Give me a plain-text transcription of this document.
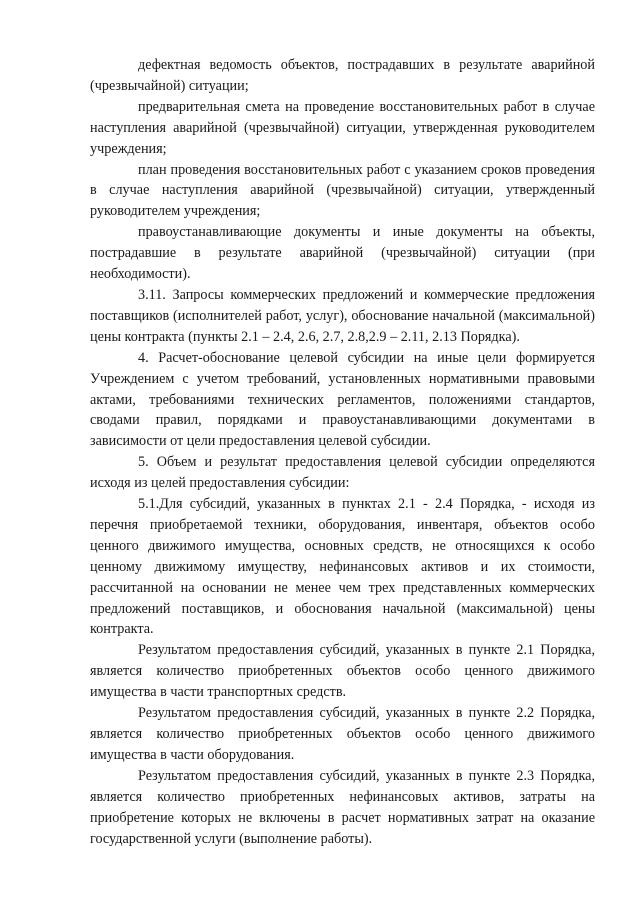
дефектная ведомость объектов, пострадавших в результате аварийной (чрезвычайной) ситуации;

предварительная смета на проведение восстановительных работ в случае наступления аварийной (чрезвычайной) ситуации, утвержденная руководителем учреждения;

план проведения восстановительных работ с указанием сроков проведения в случае наступления аварийной (чрезвычайной) ситуации, утвержденный руководителем учреждения;

правоустанавливающие документы и иные документы на объекты, пострадавшие в результате аварийной (чрезвычайной) ситуации (при необходимости).

3.11. Запросы коммерческих предложений и коммерческие предложения поставщиков (исполнителей работ, услуг), обоснование начальной (максимальной) цены контракта (пункты 2.1 – 2.4, 2.6, 2.7, 2.8,2.9 – 2.11, 2.13 Порядка).

4. Расчет-обоснование целевой субсидии на иные цели формируется Учреждением с учетом требований, установленных нормативными правовыми актами, требованиями технических регламентов, положениями стандартов, сводами правил, порядками и правоустанавливающими документами в зависимости от цели предоставления целевой субсидии.

5. Объем и результат предоставления целевой субсидии определяются исходя из целей предоставления субсидии:

5.1.Для субсидий, указанных в пунктах 2.1 - 2.4 Порядка, - исходя из перечня приобретаемой техники, оборудования, инвентаря, объектов особо ценного движимого имущества, основных средств, не относящихся к особо ценному движимому имуществу, нефинансовых активов и их стоимости, рассчитанной на основании не менее чем трех представленных коммерческих предложений поставщиков, и обоснования начальной (максимальной) цены контракта.

Результатом предоставления субсидий, указанных в пункте 2.1 Порядка, является количество приобретенных объектов особо ценного движимого имущества в части транспортных средств.

Результатом предоставления субсидий, указанных в пункте 2.2 Порядка, является количество приобретенных объектов особо ценного движимого имущества в части оборудования.

Результатом предоставления субсидий, указанных в пункте 2.3 Порядка, является количество приобретенных нефинансовых активов, затраты на приобретение которых не включены в расчет нормативных затрат на оказание государственной услуги (выполнение работы).
